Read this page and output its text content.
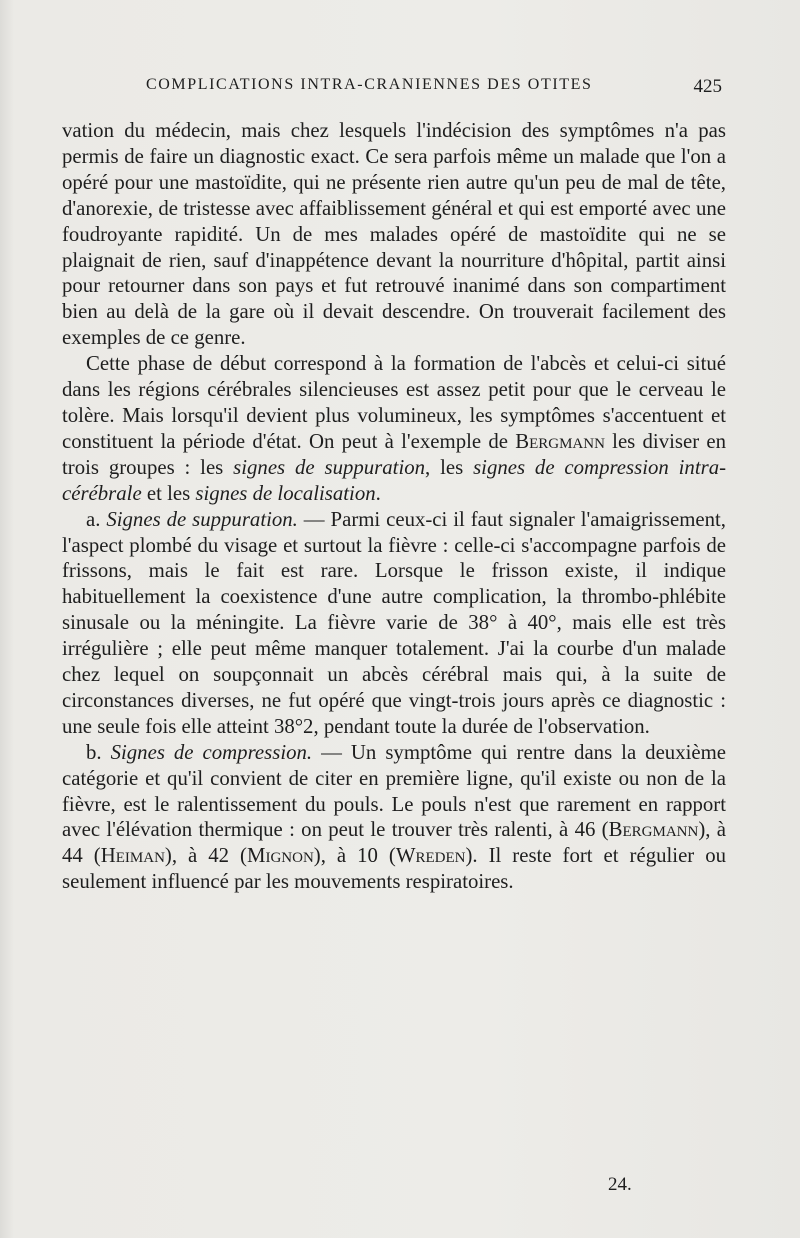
COMPLICATIONS INTRA-CRANIENNES DES OTITES	425

vation du médecin, mais chez lesquels l'indécision des symptômes n'a pas permis de faire un diagnostic exact. Ce sera parfois même un malade que l'on a opéré pour une mastoïdite, qui ne présente rien autre qu'un peu de mal de tête, d'anorexie, de tristesse avec affaiblissement général et qui est emporté avec une foudroyante rapidité. Un de mes malades opéré de mastoïdite qui ne se plaignait de rien, sauf d'inappétence devant la nourriture d'hôpital, partit ainsi pour retourner dans son pays et fut retrouvé inanimé dans son compartiment bien au delà de la gare où il devait descendre. On trouverait facilement des exemples de ce genre.

Cette phase de début correspond à la formation de l'abcès et celui-ci situé dans les régions cérébrales silencieuses est assez petit pour que le cerveau le tolère. Mais lorsqu'il devient plus volumineux, les symptômes s'accentuent et constituent la période d'état. On peut à l'exemple de Bergmann les diviser en trois groupes : les signes de suppuration, les signes de compression intra-cérébrale et les signes de localisation.

a. Signes de suppuration. — Parmi ceux-ci il faut signaler l'amaigrissement, l'aspect plombé du visage et surtout la fièvre : celle-ci s'accompagne parfois de frissons, mais le fait est rare. Lorsque le frisson existe, il indique habituellement la coexistence d'une autre complication, la thrombo-phlébite sinusale ou la méningite. La fièvre varie de 38° à 40°, mais elle est très irrégulière ; elle peut même manquer totalement. J'ai la courbe d'un malade chez lequel on soupçonnait un abcès cérébral mais qui, à la suite de circonstances diverses, ne fut opéré que vingt-trois jours après ce diagnostic : une seule fois elle atteint 38°2, pendant toute la durée de l'observation.

b. Signes de compression. — Un symptôme qui rentre dans la deuxième catégorie et qu'il convient de citer en première ligne, qu'il existe ou non de la fièvre, est le ralentissement du pouls. Le pouls n'est que rarement en rapport avec l'élévation thermique : on peut le trouver très ralenti, à 46 (Bergmann), à 44 (Heiman), à 42 (Mignon), à 10 (Wreden). Il reste fort et régulier ou seulement influencé par les mouvements respiratoires.

24.
